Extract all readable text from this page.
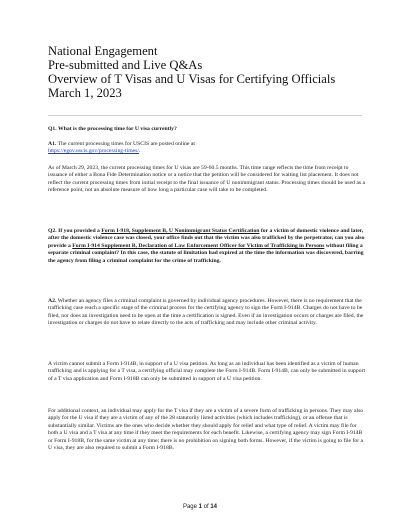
National Engagement
Pre-submitted and Live Q&As
Overview of T Visas and U Visas for Certifying Officials
March 1, 2023
Q1. What is the processing time for U visa currently?
A1. The current processing times for USCIS are posted online at
https://egov.uscis.gov/processing-times/.
As of March 29, 2023, the current processing times for U visas are 59-60.5 months. This time range reflects the time from receipt to issuance of either a Bona Fide Determination notice or a notice that the petition will be considered for waiting list placement. It does not reflect the current processing times from initial receipt to the final issuance of U nonimmigrant status. Processing times should be used as a reference point, not an absolute measure of how long a particular case will take to be completed.
Q2. If you provided a Form I-918, Supplement B, U Nonimmigrant Status Certification for a victim of domestic violence and later, after the domestic violence case was closed, your office finds out that the victim was also trafficked by the perpetrator, can you also provide a Form I-914 Supplement B, Declaration of Law Enforcement Officer for Victim of Trafficking in Persons without filing a separate criminal complaint? In this case, the statute of limitation had expired at the time the information was discovered, barring the agency from filing a criminal complaint for the crime of trafficking.
A2. Whether an agency files a criminal complaint is governed by individual agency procedures. However, there is no requirement that the trafficking case reach a specific stage of the criminal process for the certifying agency to sign the Form I-914B. Charges do not have to be filed, nor does an investigation need to be open at the time a certification is signed. Even if an investigation occurs or charges are filed, the investigation or charges do not have to relate directly to the acts of trafficking and may include other criminal activity.
A victim cannot submit a Form I-914B, in support of a U visa petition. As long as an individual has been identified as a victim of human trafficking and is applying for a T visa, a certifying official may complete the Form I-914B. Form I-914B, can only be submitted in support of a T visa application and Form I-918B can only be submitted in support of a U visa petition.
For additional context, an individual may apply for the T visa if they are a victim of a severe form of trafficking in persons. They may also apply for the U visa if they are a victim of any of the 28 statutorily listed activities (which includes trafficking), or an offense that is substantially similar. Victims are the ones who decide whether they should apply for relief and what type of relief. A victim may file for both a U visa and a T visa at any time if they meet the requirements for each benefit. Likewise, a certifying agency may sign Form I-914B or Form I-918B, for the same victim at any time; there is no prohibition on signing both forms. However, if the victim is going to file for a U visa, they are also required to submit a Form I-918B.
Page 1 of 14
